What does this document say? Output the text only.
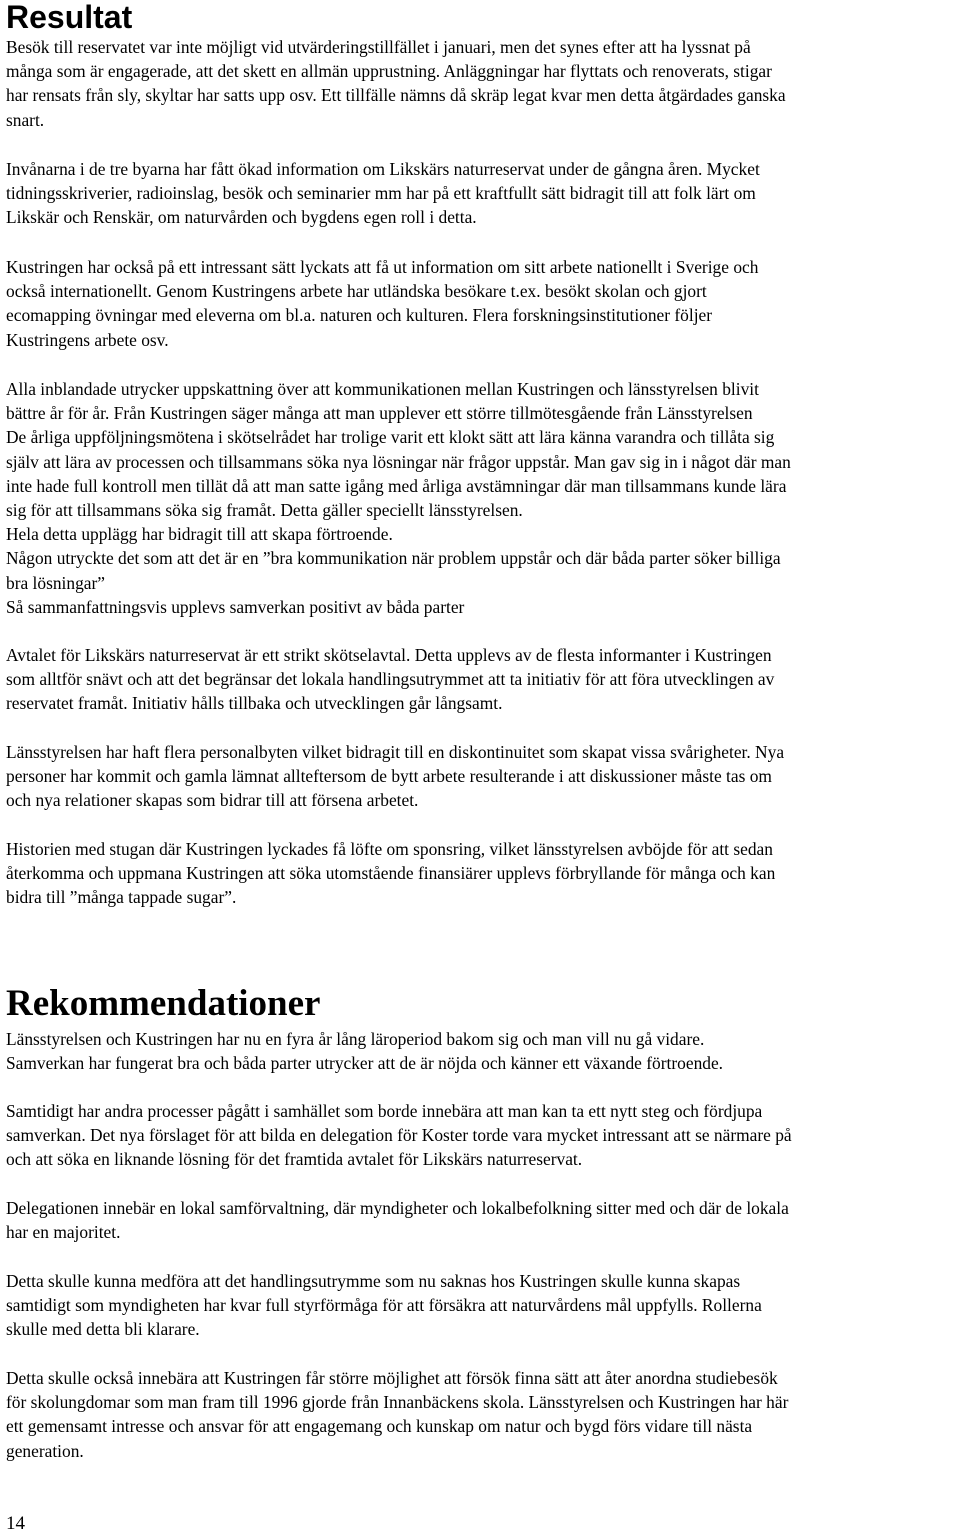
Resultat

Besök till reservatet var inte möjligt vid utvärderingstillfället i januari, men det synes efter att ha lyssnat på
många som är engagerade, att det skett en allmän upprustning. Anläggningar har flyttats och renoverats, stigar
har rensats från sly, skyltar har satts upp osv. Ett tillfälle nämns då skräp legat kvar men detta åtgärdades ganska
snart.

Invånarna i de tre byarna har fått ökad information om Likskärs naturreservat under de gångna åren. Mycket
tidningsskriverier, radioinslag, besök och seminarier mm har på ett kraftfullt sätt bidragit till att folk lärt om
Likskär och Renskär, om naturvården och bygdens egen roll i detta.

Kustringen har också på ett intressant sätt lyckats att få ut information om sitt arbete nationellt i Sverige och
också internationellt. Genom Kustringens arbete har utländska besökare t.ex. besökt skolan och gjort
ecomapping övningar med eleverna om bl.a. naturen och kulturen. Flera forskningsinstitutioner följer
Kustringens arbete osv.

Alla inblandade utrycker uppskattning över att kommunikationen mellan Kustringen och länsstyrelsen blivit
bättre år för år. Från Kustringen säger många att man upplever ett större tillmötesgående från Länsstyrelsen
De årliga uppföljningsmötena i skötselrådet har trolige varit ett klokt sätt att lära känna varandra och tillåta sig
själv att lära av processen och tillsammans söka nya lösningar när frågor uppstår. Man gav sig in i något där man
inte hade full kontroll men tillät då att man satte igång med årliga avstämningar där man tillsammans kunde lära
sig för att tillsammans söka sig framåt. Detta gäller speciellt länsstyrelsen.
Hela detta upplägg har bidragit till att skapa förtroende.
Någon utryckte det som att det är en ”bra kommunikation när problem uppstår och där båda parter söker billiga
bra lösningar”
Så sammanfattningsvis upplevs samverkan positivt av båda parter

Avtalet för Likskärs naturreservat är ett strikt skötselavtal. Detta upplevs av de flesta informanter i Kustringen
som alltför snävt och att det begränsar det lokala handlingsutrymmet att ta initiativ för att föra utvecklingen av
reservatet framåt. Initiativ hålls tillbaka och utvecklingen går långsamt.

Länsstyrelsen har haft flera personalbyten vilket bidragit till en diskontinuitet som skapat vissa svårigheter. Nya
personer har kommit och gamla lämnat allteftersom de bytt arbete resulterande i att diskussioner måste tas om
och nya relationer skapas som bidrar till att försena arbetet.

Historien med stugan där Kustringen lyckades få löfte om sponsring, vilket länsstyrelsen avböjde för att sedan
återkomma och uppmana Kustringen att söka utomstående finansiärer upplevs förbryllande för många och kan
bidra till ”många tappade sugar”.

Rekommendationer

Länsstyrelsen och Kustringen har nu en fyra år lång läroperiod bakom sig och man vill nu gå vidare.
Samverkan har fungerat bra och båda parter utrycker att de är nöjda och känner ett växande förtroende.

Samtidigt har andra processer pågått i samhället som borde innebära att man kan ta ett nytt steg och fördjupa
samverkan. Det nya förslaget för att bilda en delegation för Koster torde vara mycket intressant att se närmare på
och att söka en liknande lösning för det framtida avtalet för Likskärs naturreservat.

Delegationen innebär en lokal samförvaltning, där myndigheter och lokalbefolkning sitter med och där de lokala
har en majoritet.

Detta skulle kunna medföra att det handlingsutrymme som nu saknas hos Kustringen skulle kunna skapas
samtidigt som myndigheten har kvar full styrförmåga för att försäkra att naturvårdens mål uppfylls. Rollerna
skulle med detta bli klarare.

Detta skulle också innebära att Kustringen får större möjlighet att försök finna sätt att åter anordna studiebesök
för skolungdomar som man fram till 1996 gjorde från Innanbäckens skola. Länsstyrelsen och Kustringen har här
ett gemensamt intresse och ansvar för att engagemang och kunskap om natur och bygd förs vidare till nästa
generation.

14
